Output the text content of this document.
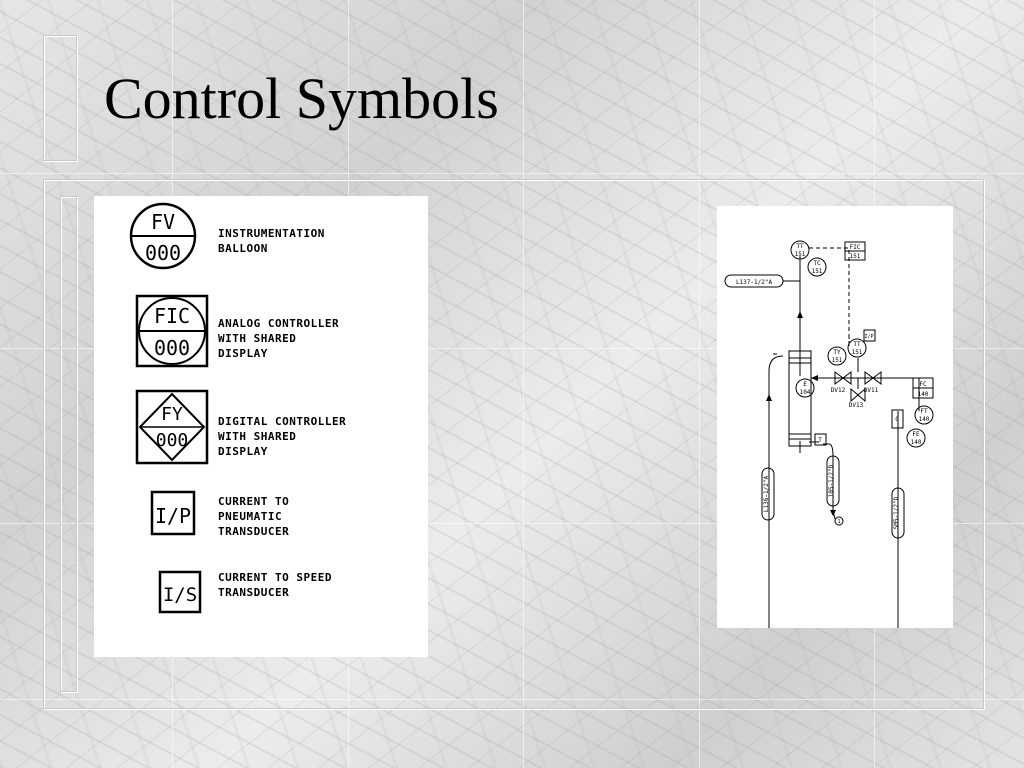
Control Symbols
FV
000
INSTRUMENTATION
BALLOON
FIC
000
ANALOG CONTROLLER
WITH SHARED
DISPLAY
FY
000
DIGITAL CONTROLLER
WITH SHARED
DISPLAY
I/P
CURRENT TO
PNEUMATIC
TRANSDUCER
I/S
CURRENT TO SPEED
TRANSDUCER
TT
151
TC
151
FIC
151
L137-1/2"A
TY
151
TT
151
I/P
E
104	DV12	DV11
DV13
FC
140
FT
140
FE
140
T
C
1
L136-1/2"A	105-1/2"D
SM5-1/2"D
